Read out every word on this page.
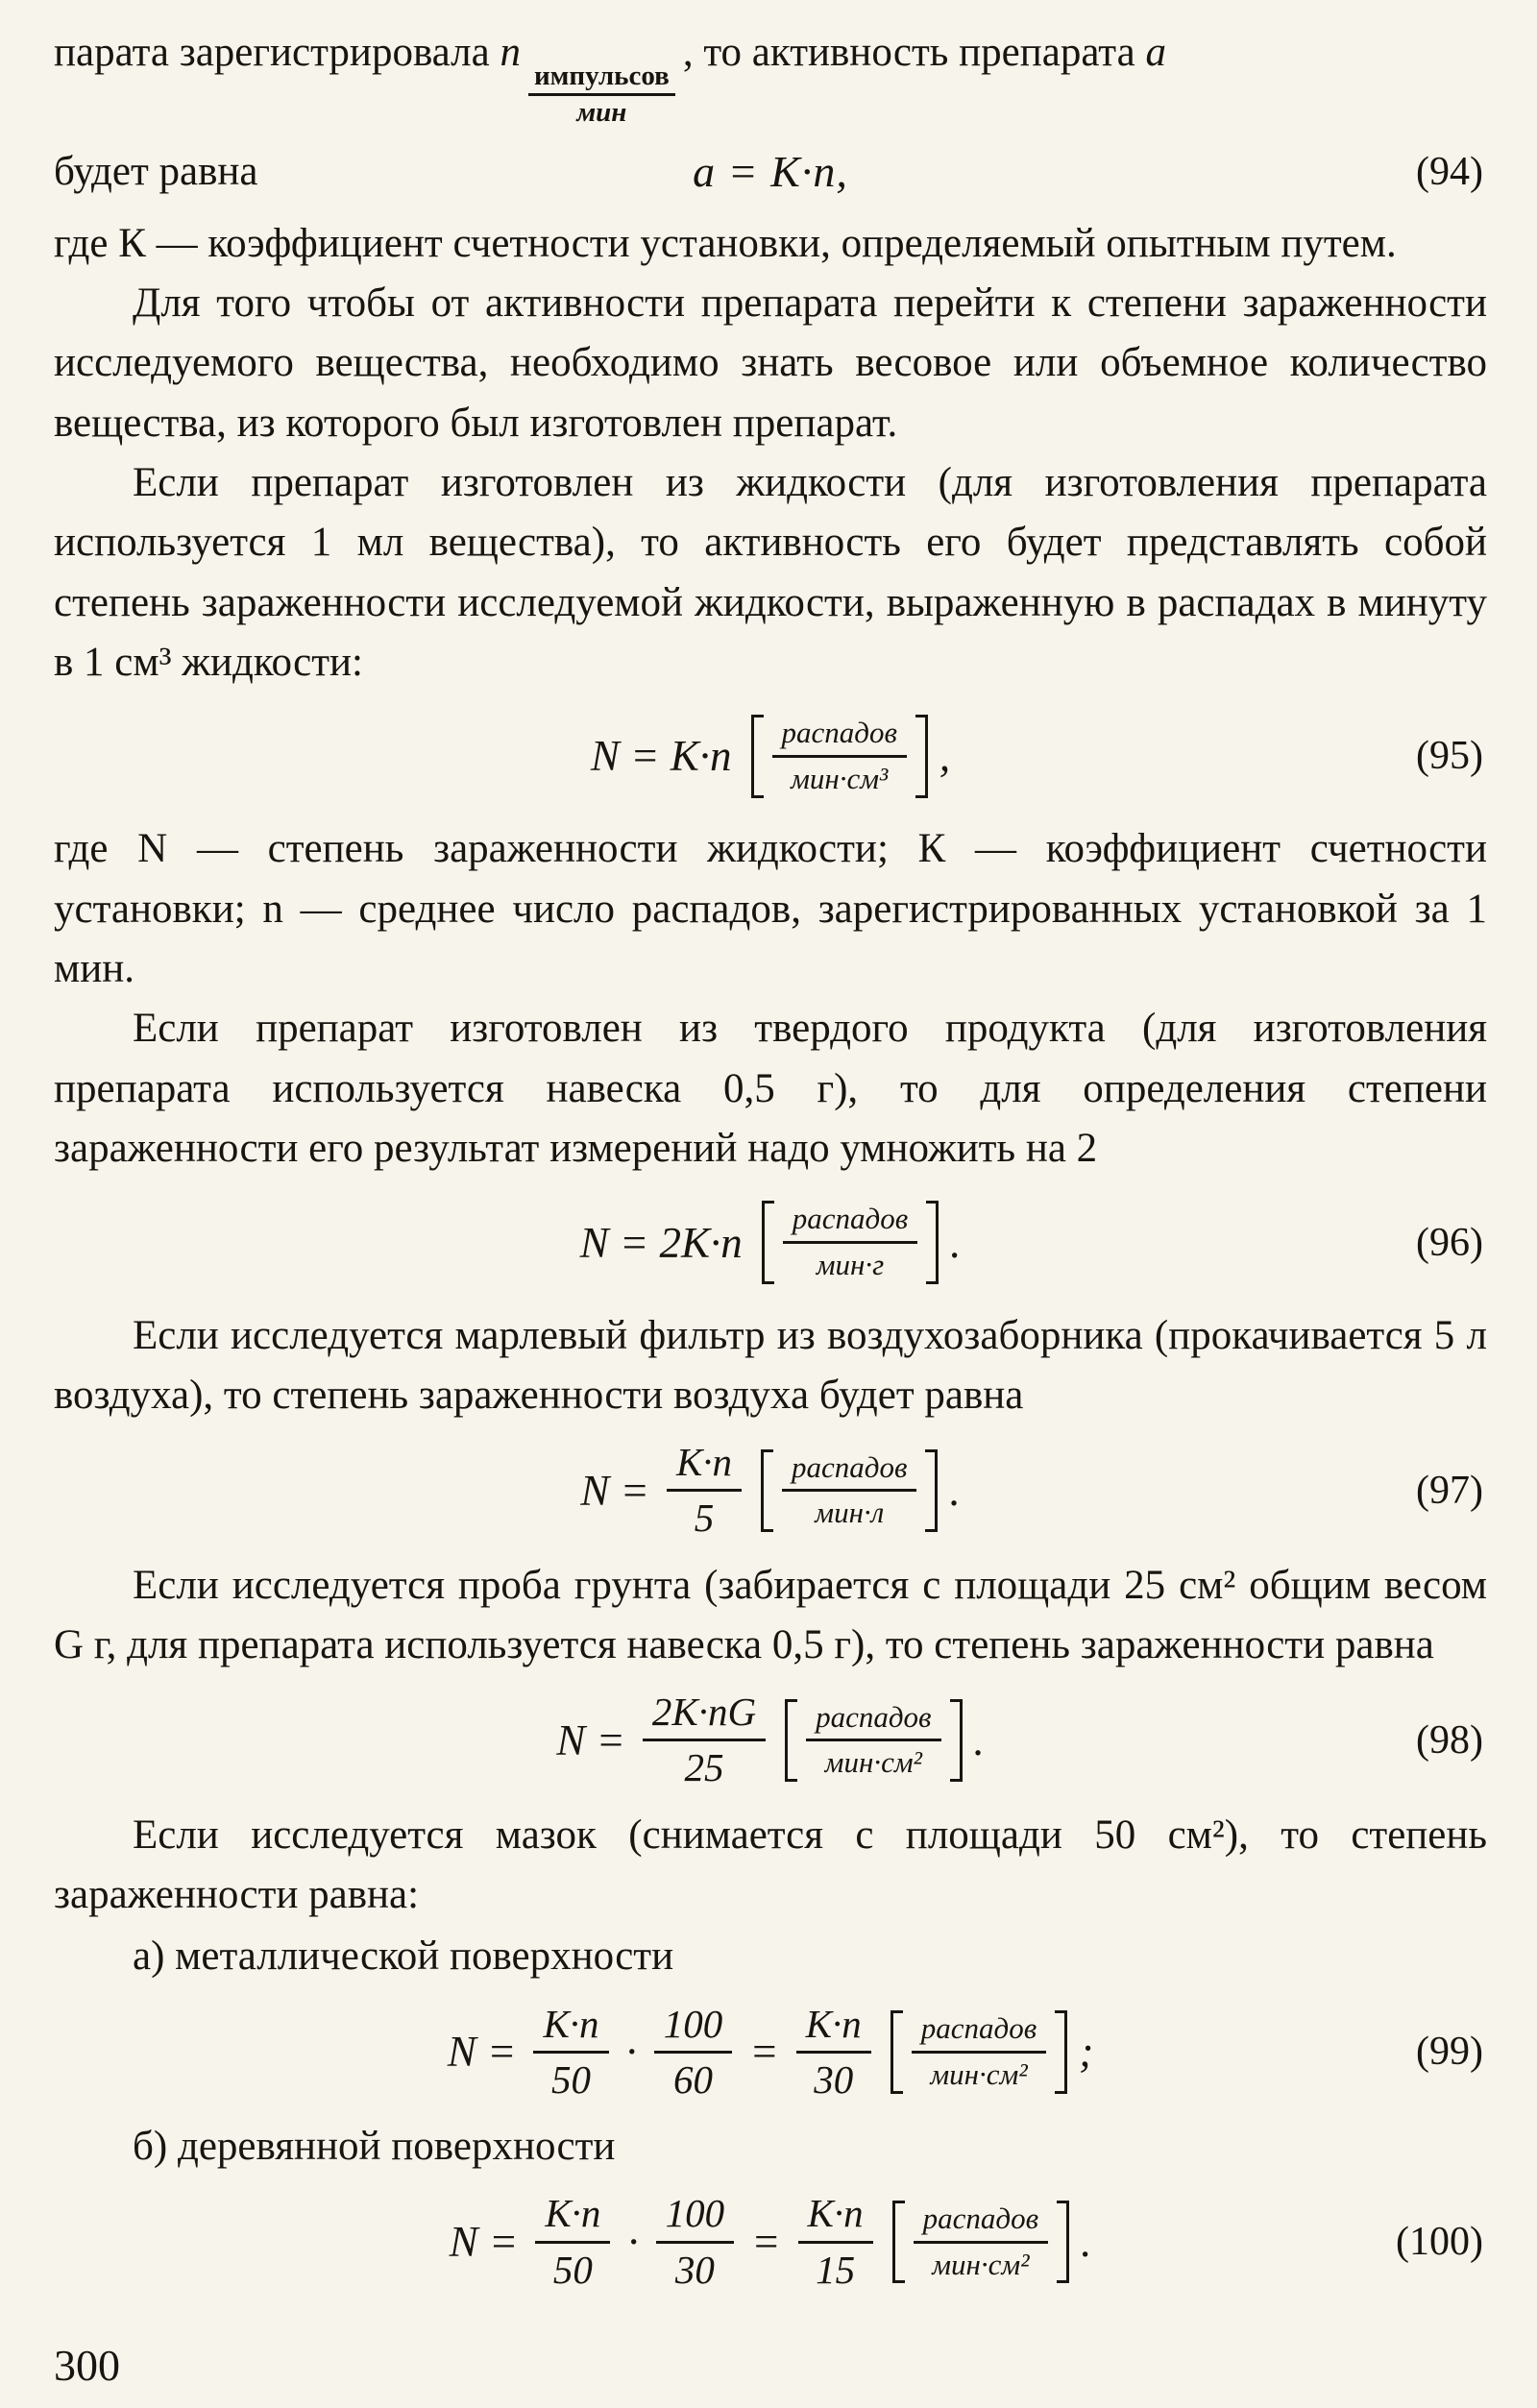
парата зарегистрировала n
$\frac{\text{импульсов}}{\text{мин}}$
, то активность препарата a

будет равна	a = K·n,	(94)

где К — коэффициент счетности установки, определяемый опытным путем.

Для того чтобы от активности препарата перейти к степени зараженности исследуемого вещества, необходимо знать весовое или объемное количество вещества, из которого был изготовлен препарат.

Если препарат изготовлен из жидкости (для изготовления препарата используется 1 мл вещества), то активность его будет представлять собой степень зараженности исследуемой жидкости, выраженную в распадах в минуту в 1 см³ жидкости:

$N = K\cdot n \frac{\text{распадов}}{\text{мин·см³}}$ ,	(95)

где N — степень зараженности жидкости; К — коэффициент счетности установки; n — среднее число распадов, зарегистрированных установкой за 1 мин.

Если препарат изготовлен из твердого продукта (для изготовления препарата используется навеска 0,5 г), то для определения степени зараженности его результат измерений надо умножить на 2

$N = 2K\cdot n \frac{\text{распадов}}{\text{мин·г}}$ .	(96)

Если исследуется марлевый фильтр из воздухозаборника (прокачивается 5 л воздуха), то степень зараженности воздуха будет равна

$N = \frac{K\cdot n}{5} \frac{\text{распадов}}{\text{мин·л}}$ .	(97)

Если исследуется проба грунта (забирается с площади 25 см² общим весом G г, для препарата используется навеска 0,5 г), то степень зараженности равна

$N = \frac{2K\cdot nG}{25} \frac{\text{распадов}}{\text{мин·см²}}$ .	(98)

Если исследуется мазок (снимается с площади 50 см²), то степень зараженности равна:

а) металлической поверхности

$N = \frac{K\cdot n}{50} \cdot \frac{100}{60} = \frac{K\cdot n}{30} \frac{\text{распадов}}{\text{мин·см²}}$ ;	(99)

б) деревянной поверхности

$N = \frac{K\cdot n}{50} \cdot \frac{100}{30} = \frac{K\cdot n}{15} \frac{\text{распадов}}{\text{мин·см²}}$ .	(100)
300
